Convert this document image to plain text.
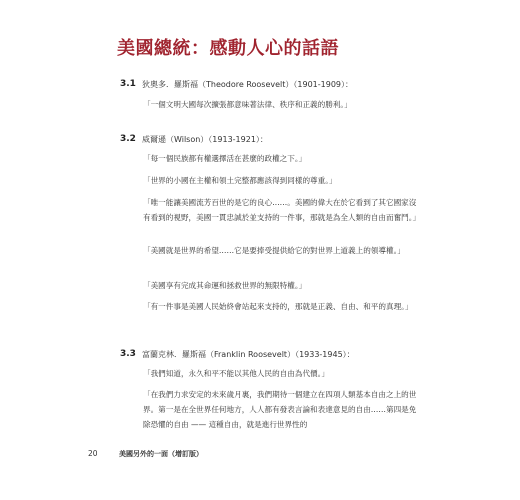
美國總統：感動人心的話語
3.1 狄奧多．羅斯福（Theodore Roosevelt）（1901-1909）：
「一個文明大國每次擴張都意味著法律、秩序和正義的勝利。」
3.2 威爾遜（Wilson）（1913-1921）：
「每一個民族都有權選擇活在甚麼的政權之下。」
「世界的小國在主權和領土完整都應該得到同樣的尊重。」
「唯一能讓美國流芳百世的是它的良心……。美國的偉大在於它看到了其它國家沒有看到的視野，美國一貫忠誠於並支持的一件事，那就是為全人類的自由而奮鬥。」
「美國就是世界的希望……它是要捧受提供給它的對世界上道義上的領導權。」
「美國享有完成其命運和拯救世界的無限特權。」
「有一件事是美國人民始終會站起來支持的，那就是正義、自由、和平的真理。」
3.3 富蘭克林．羅斯福（Franklin Roosevelt）（1933-1945）：
「我們知道，永久和平不能以其他人民的自由為代價。」
「在我們力求安定的未來歲月裏，我們期待一個建立在四項人類基本自由之上的世界。第一是在全世界任何地方，人人都有發表言論和表達意見的自由……第四是免除恐懼的自由 —— 這種自由，就是進行世界性的
20	美國另外的一面（增訂版）
